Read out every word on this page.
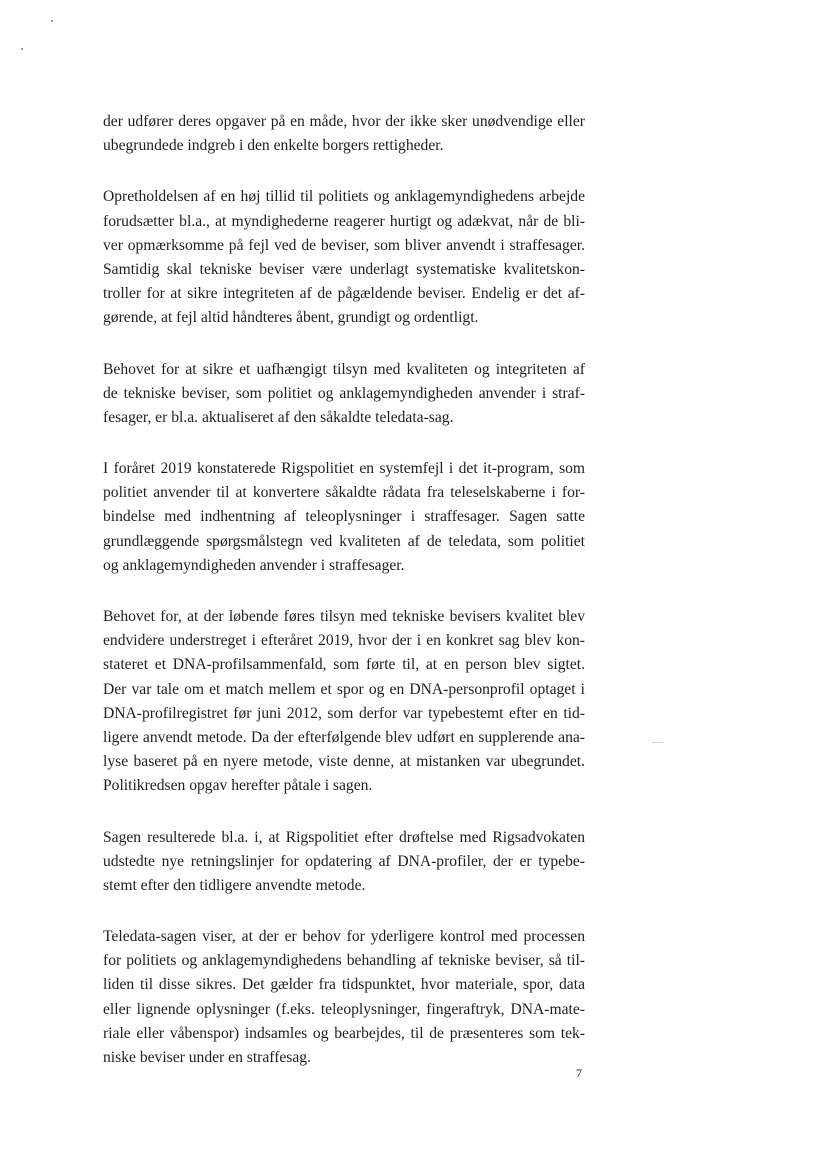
der udfører deres opgaver på en måde, hvor der ikke sker unødvendige eller
ubegrundede indgreb i den enkelte borgers rettigheder.

Opretholdelsen af en høj tillid til politiets og anklagemyndighedens arbejde
forudsætter bl.a., at myndighederne reagerer hurtigt og adækvat, når de bli-
ver opmærksomme på fejl ved de beviser, som bliver anvendt i straffesager.
Samtidig skal tekniske beviser være underlagt systematiske kvalitetskon-
troller for at sikre integriteten af de pågældende beviser. Endelig er det af-
gørende, at fejl altid håndteres åbent, grundigt og ordentligt.

Behovet for at sikre et uafhængigt tilsyn med kvaliteten og integriteten af
de tekniske beviser, som politiet og anklagemyndigheden anvender i straf-
fesager, er bl.a. aktualiseret af den såkaldte teledata-sag.

I foråret 2019 konstaterede Rigspolitiet en systemfejl i det it-program, som
politiet anvender til at konvertere såkaldte rådata fra teleselskaberne i for-
bindelse med indhentning af teleoplysninger i straffesager. Sagen satte
grundlæggende spørgsmålstegn ved kvaliteten af de teledata, som politiet
og anklagemyndigheden anvender i straffesager.

Behovet for, at der løbende føres tilsyn med tekniske bevisers kvalitet blev
endvidere understreget i efteråret 2019, hvor der i en konkret sag blev kon-
stateret et DNA-profilsammenfald, som førte til, at en person blev sigtet.
Der var tale om et match mellem et spor og en DNA-personprofil optaget i
DNA-profilregistret før juni 2012, som derfor var typebestemt efter en tid-
ligere anvendt metode. Da der efterfølgende blev udført en supplerende ana-
lyse baseret på en nyere metode, viste denne, at mistanken var ubegrundet.
Politikredsen opgav herefter påtale i sagen.

Sagen resulterede bl.a. i, at Rigspolitiet efter drøftelse med Rigsadvokaten
udstedte nye retningslinjer for opdatering af DNA-profiler, der er typebe-
stemt efter den tidligere anvendte metode.

Teledata-sagen viser, at der er behov for yderligere kontrol med processen
for politiets og anklagemyndighedens behandling af tekniske beviser, så til-
liden til disse sikres. Det gælder fra tidspunktet, hvor materiale, spor, data
eller lignende oplysninger (f.eks. teleoplysninger, fingeraftryk, DNA-mate-
riale eller våbenspor) indsamles og bearbejdes, til de præsenteres som tek-
niske beviser under en straffesag.

7
